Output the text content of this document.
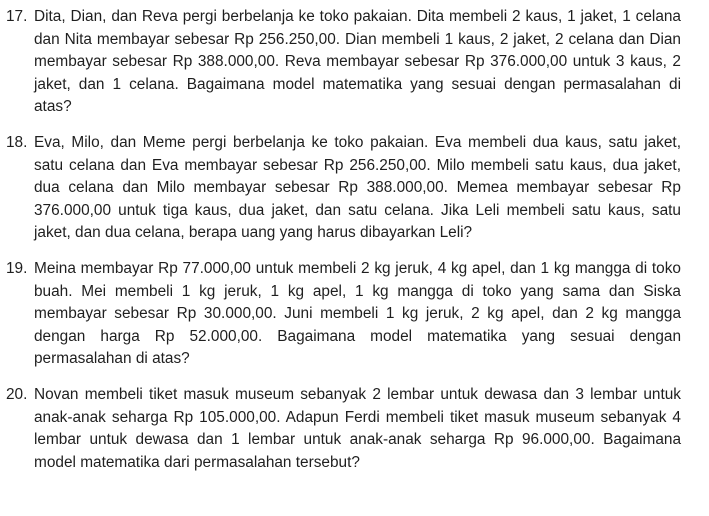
17. Dita, Dian, dan Reva pergi berbelanja ke toko pakaian. Dita membeli 2 kaus, 1 jaket, 1 celana dan Nita membayar sebesar Rp 256.250,00. Dian membeli 1 kaus, 2 jaket, 2 celana dan Dian membayar sebesar Rp 388.000,00. Reva membayar sebesar Rp 376.000,00 untuk 3 kaus, 2 jaket, dan 1 celana. Bagaimana model matematika yang sesuai dengan permasalahan di atas?
18. Eva, Milo, dan Meme pergi berbelanja ke toko pakaian. Eva membeli dua kaus, satu jaket, satu celana dan Eva membayar sebesar Rp 256.250,00. Milo membeli satu kaus, dua jaket, dua celana dan Milo membayar sebesar Rp 388.000,00. Memea membayar sebesar Rp 376.000,00 untuk tiga kaus, dua jaket, dan satu celana. Jika Leli membeli satu kaus, satu jaket, dan dua celana, berapa uang yang harus dibayarkan Leli?
19. Meina membayar Rp 77.000,00 untuk membeli 2 kg jeruk, 4 kg apel, dan 1 kg mangga di toko buah. Mei membeli 1 kg jeruk, 1 kg apel, 1 kg mangga di toko yang sama dan Siska membayar sebesar Rp 30.000,00. Juni membeli 1 kg jeruk, 2 kg apel, dan 2 kg mangga dengan harga Rp 52.000,00. Bagaimana model matematika yang sesuai dengan permasalahan di atas?
20. Novan membeli tiket masuk museum sebanyak 2 lembar untuk dewasa dan 3 lembar untuk anak-anak seharga Rp 105.000,00. Adapun Ferdi membeli tiket masuk museum sebanyak 4 lembar untuk dewasa dan 1 lembar untuk anak-anak seharga Rp 96.000,00. Bagaimana model matematika dari permasalahan tersebut?
